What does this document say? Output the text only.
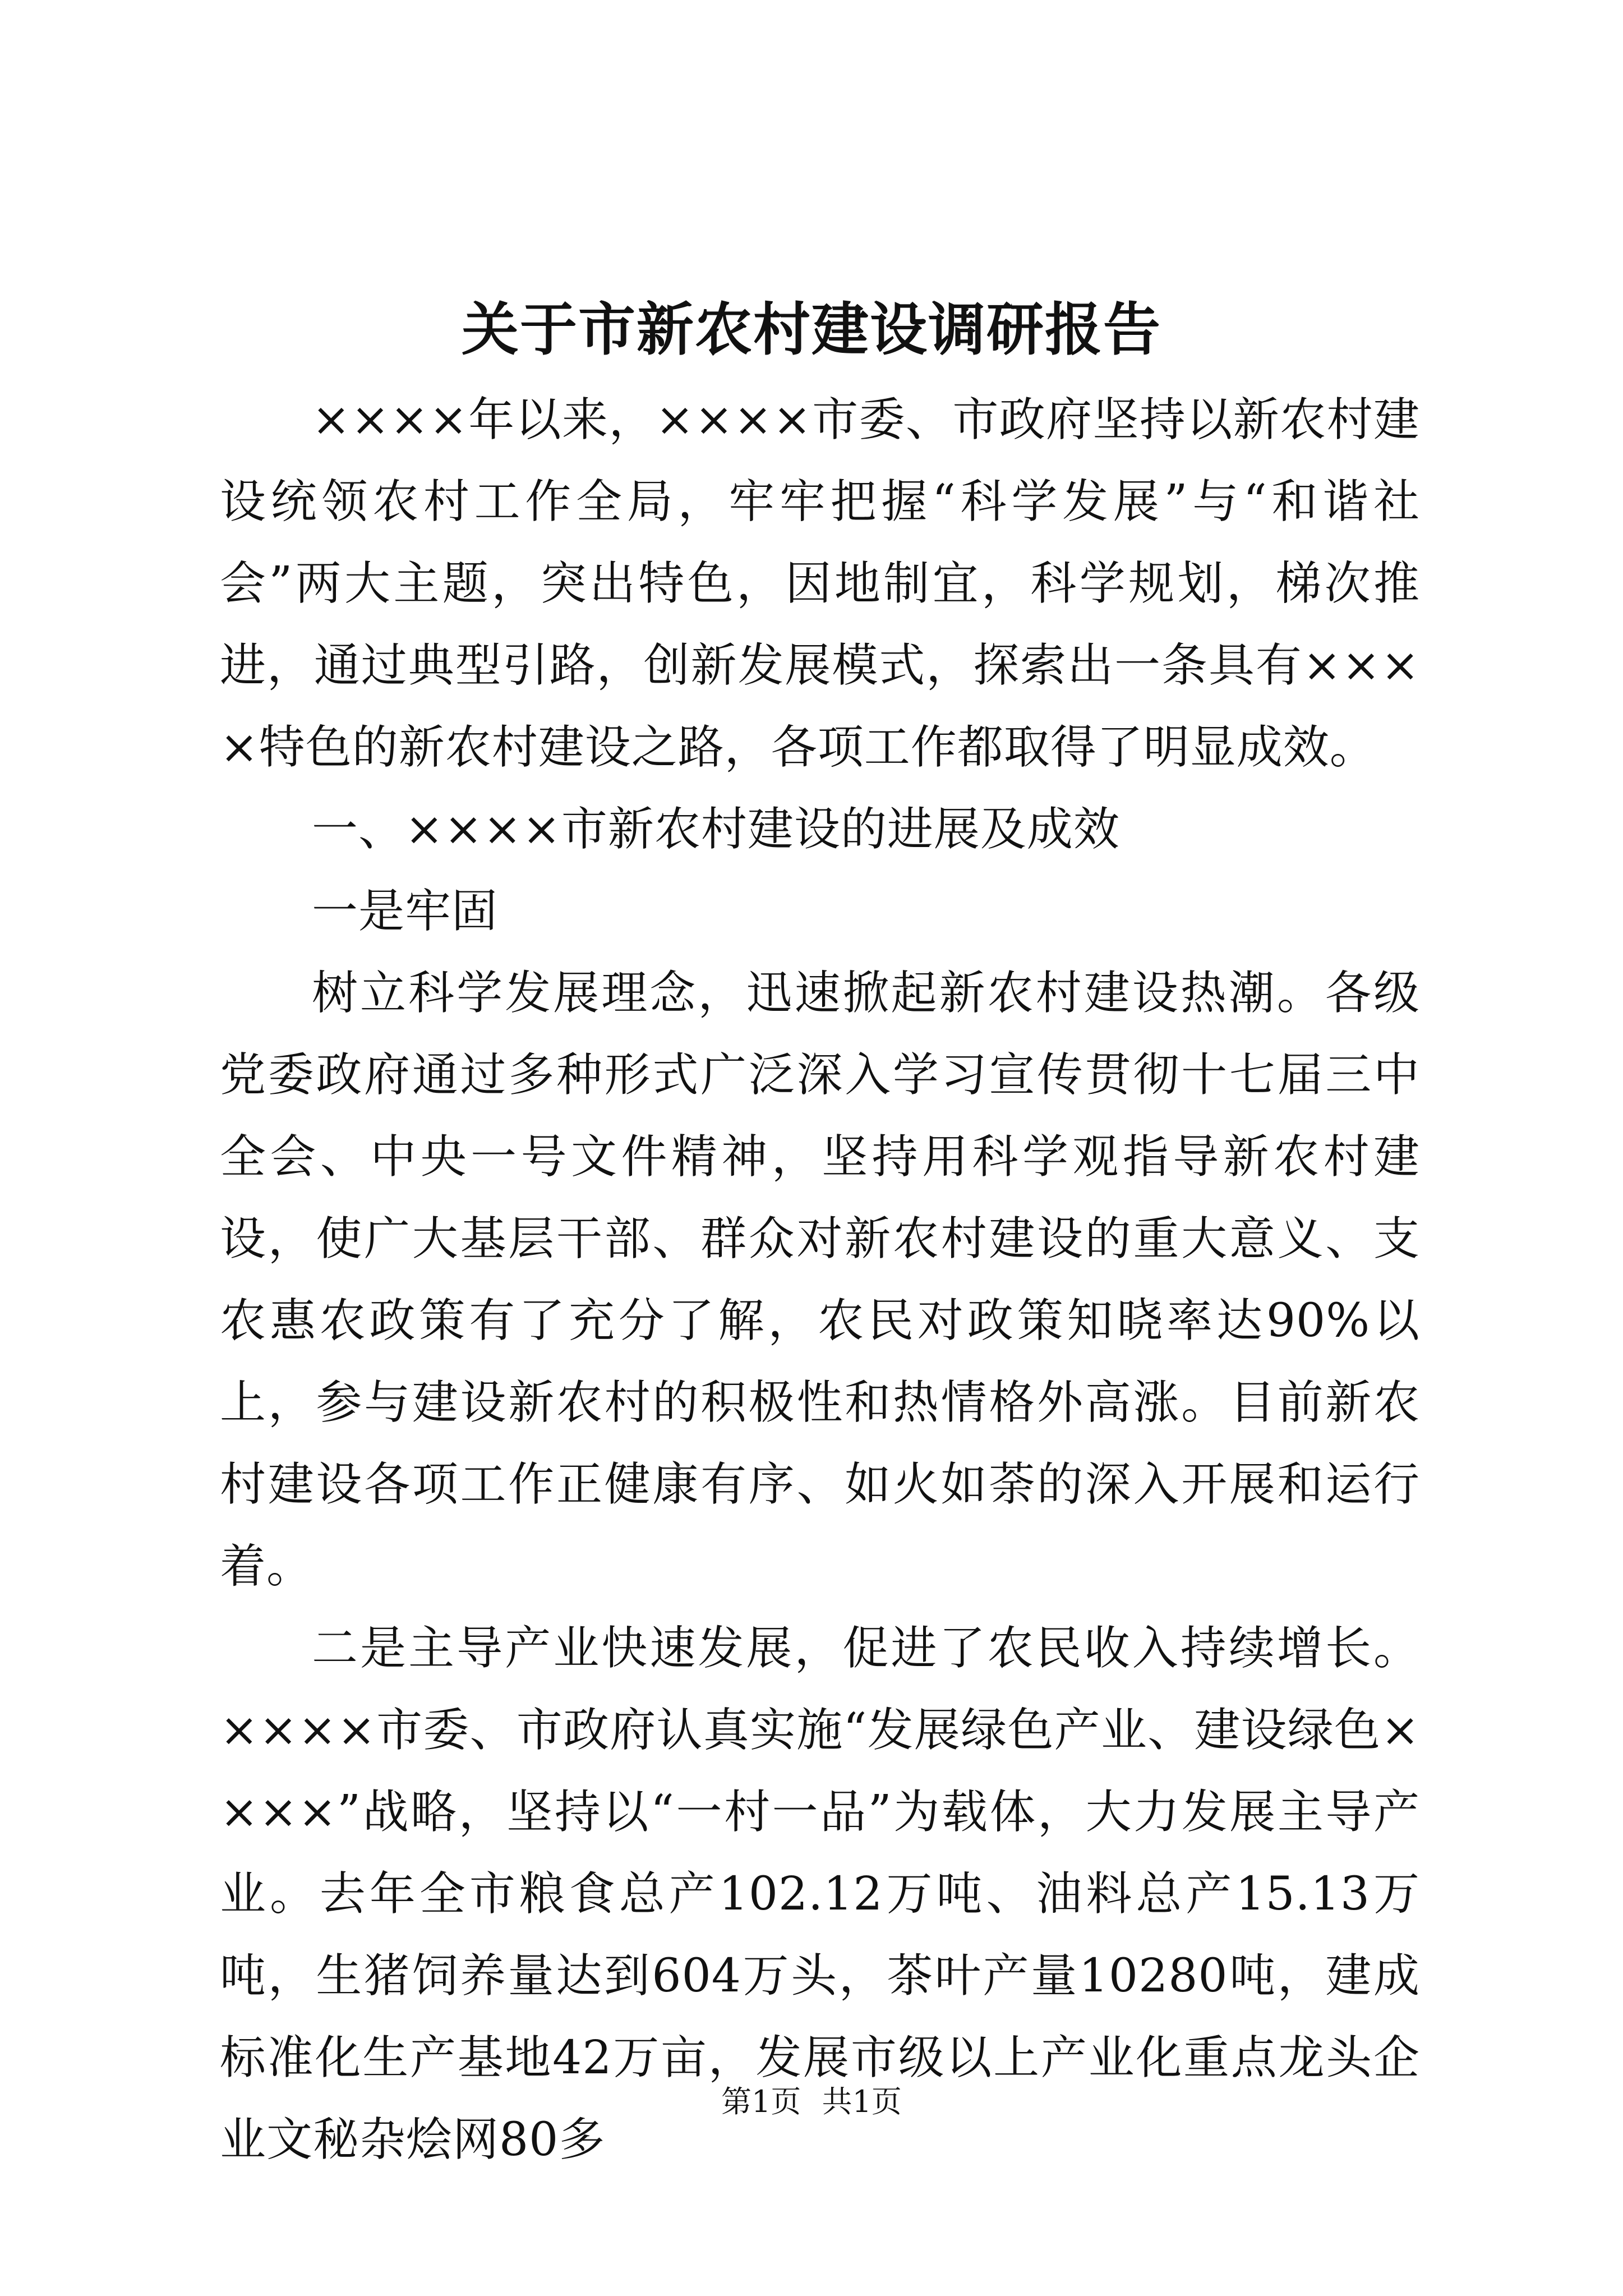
关于市新农村建设调研报告

××××年以来，××××市委、市政府坚持以新农村建设统领农村工作全局，牢牢把握“科学发展”与“和谐社会”两大主题，突出特色，因地制宜，科学规划，梯次推进，通过典型引路，创新发展模式，探索出一条具有××××特色的新农村建设之路，各项工作都取得了明显成效。

一、××××市新农村建设的进展及成效

一是牢固

树立科学发展理念，迅速掀起新农村建设热潮。各级党委政府通过多种形式广泛深入学习宣传贯彻十七届三中全会、中央一号文件精神，坚持用科学观指导新农村建设，使广大基层干部、群众对新农村建设的重大意义、支农惠农政策有了充分了解，农民对政策知晓率达90%以上，参与建设新农村的积极性和热情格外高涨。目前新农村建设各项工作正健康有序、如火如荼的深入开展和运行着。

二是主导产业快速发展，促进了农民收入持续增长。××××市委、市政府认真实施“发展绿色产业、建设绿色××××”战略，坚持以“一村一品”为载体，大力发展主导产业。去年全市粮食总产102.12万吨、油料总产15.13万吨，生猪饲养量达到604万头，茶叶产量10280吨，建成标准化生产基地42万亩，发展市级以上产业化重点龙头企业文秘杂烩网80多

第1页 共1页
